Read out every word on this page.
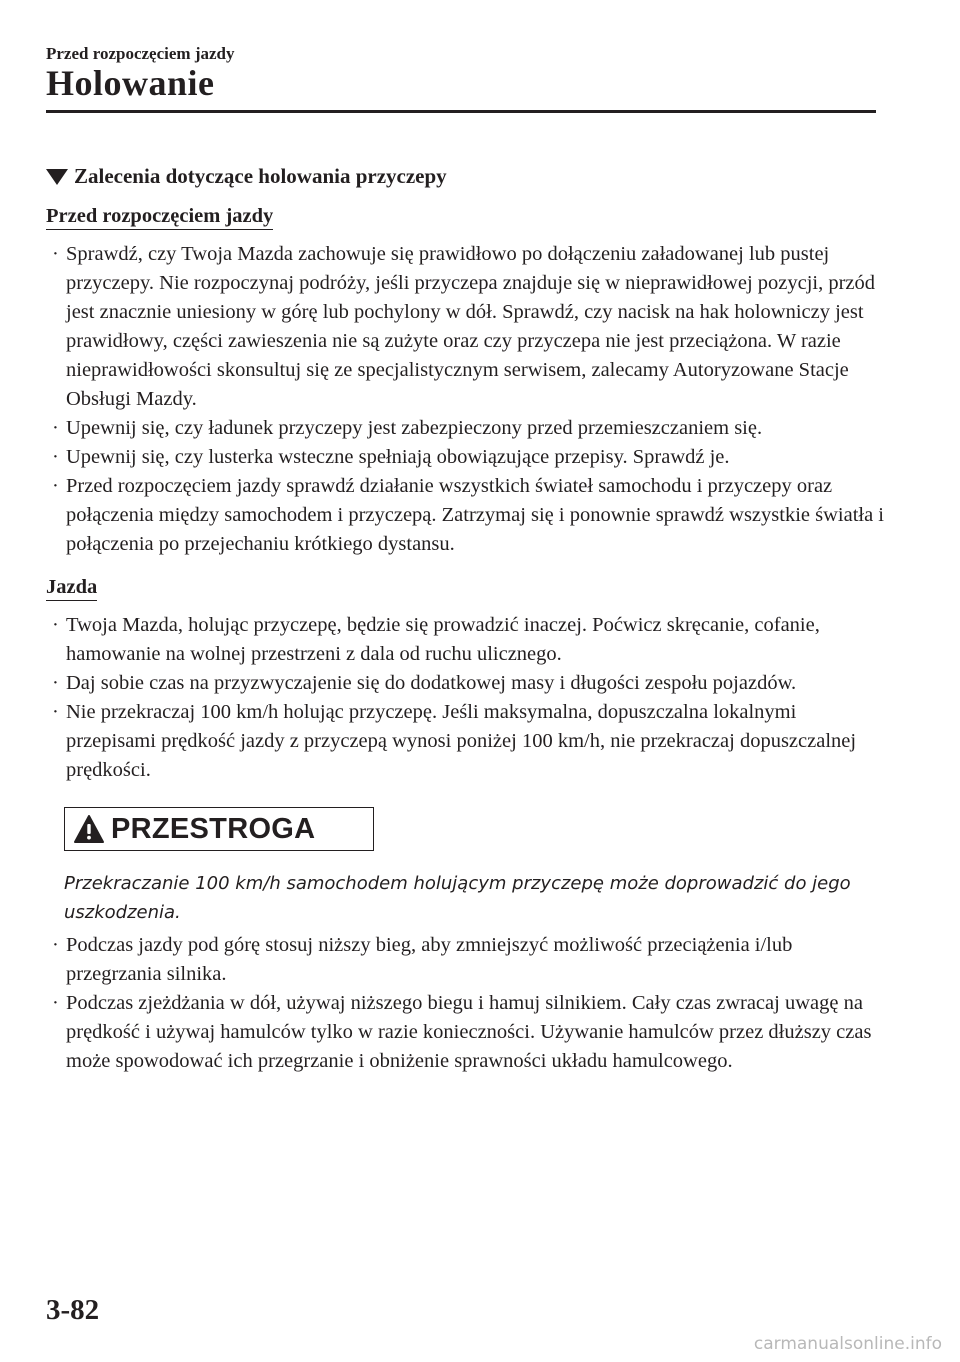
Przed rozpoczęciem jazdy
Holowanie
Zalecenia dotyczące holowania przyczepy
Przed rozpoczęciem jazdy
· Sprawdź, czy Twoja Mazda zachowuje się prawidłowo po dołączeniu załadowanej lub pustej przyczepy. Nie rozpoczynaj podróży, jeśli przyczepa znajduje się w nieprawidłowej pozycji, przód jest znacznie uniesiony w górę lub pochylony w dół. Sprawdź, czy nacisk na hak holowniczy jest prawidłowy, części zawieszenia nie są zużyte oraz czy przyczepa nie jest przeciążona. W razie nieprawidłowości skonsultuj się ze specjalistycznym serwisem, zalecamy Autoryzowane Stacje Obsługi Mazdy.
· Upewnij się, czy ładunek przyczepy jest zabezpieczony przed przemieszczaniem się.
· Upewnij się, czy lusterka wsteczne spełniają obowiązujące przepisy. Sprawdź je.
· Przed rozpoczęciem jazdy sprawdź działanie wszystkich świateł samochodu i przyczepy oraz połączenia między samochodem i przyczepą. Zatrzymaj się i ponownie sprawdź wszystkie światła i połączenia po przejechaniu krótkiego dystansu.
Jazda
· Twoja Mazda, holując przyczepę, będzie się prowadzić inaczej. Poćwicz skręcanie, cofanie, hamowanie na wolnej przestrzeni z dala od ruchu ulicznego.
· Daj sobie czas na przyzwyczajenie się do dodatkowej masy i długości zespołu pojazdów.
· Nie przekraczaj 100 km/h holując przyczepę. Jeśli maksymalna, dopuszczalna lokalnymi przepisami prędkość jazdy z przyczepą wynosi poniżej 100 km/h, nie przekraczaj dopuszczalnej prędkości.
PRZESTROGA
Przekraczanie 100 km/h samochodem holującym przyczepę może doprowadzić do jego uszkodzenia.
· Podczas jazdy pod górę stosuj niższy bieg, aby zmniejszyć możliwość przeciążenia i/lub przegrzania silnika.
· Podczas zjeżdżania w dół, używaj niższego biegu i hamuj silnikiem. Cały czas zwracaj uwagę na prędkość i używaj hamulców tylko w razie konieczności. Używanie hamulców przez dłuższy czas może spowodować ich przegrzanie i obniżenie sprawności układu hamulcowego.
3-82
carmanualsonline.info
